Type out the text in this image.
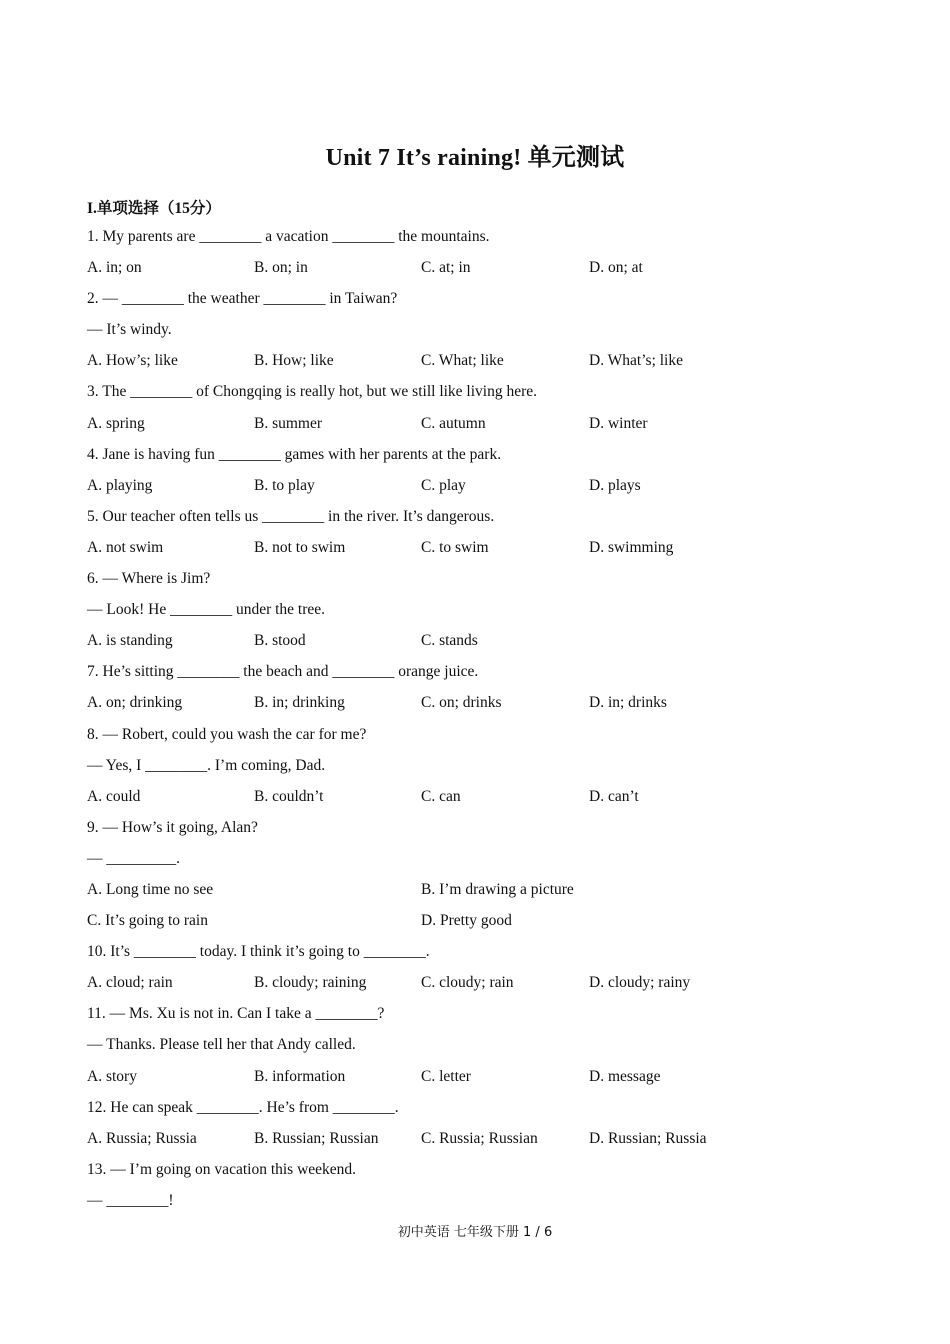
Unit 7 It’s raining! 单元测试
I.单项选择（15分）
1. My parents are ________ a vacation ________ the mountains.
A. in; on	B. on; in	C. at; in	D. on; at
2. — ________ the weather ________ in Taiwan?
— It’s windy.
A. How’s; like	B. How; like	C. What; like	D. What’s; like
3. The ________ of Chongqing is really hot, but we still like living here.
A. spring	B. summer	C. autumn	D. winter
4. Jane is having fun ________ games with her parents at the park.
A. playing	B. to play	C. play	D. plays
5. Our teacher often tells us ________ in the river. It’s dangerous.
A. not swim	B. not to swim	C. to swim	D. swimming
6. — Where is Jim?
— Look! He ________ under the tree.
A. is standing	B. stood	C. stands
7. He’s sitting ________ the beach and ________ orange juice.
A. on; drinking	B. in; drinking	C. on; drinks	D. in; drinks
8. — Robert, could you wash the car for me?
— Yes, I ________. I’m coming, Dad.
A. could	B. couldn’t	C. can	D. can’t
9. — How’s it going, Alan?
— _________.
A. Long time no see	B. I’m drawing a picture
C. It’s going to rain	D. Pretty good
10. It’s ________ today. I think it’s going to ________.
A. cloud; rain	B. cloudy; raining	C. cloudy; rain	D. cloudy; rainy
11. — Ms. Xu is not in. Can I take a ________?
— Thanks. Please tell her that Andy called.
A. story	B. information	C. letter	D. message
12. He can speak ________. He’s from ________.
A. Russia; Russia	B. Russian; Russian	C. Russia; Russian	D. Russian; Russia
13. — I’m going on vacation this weekend.
— ________!
初中英语 七年级下册 1 / 6
